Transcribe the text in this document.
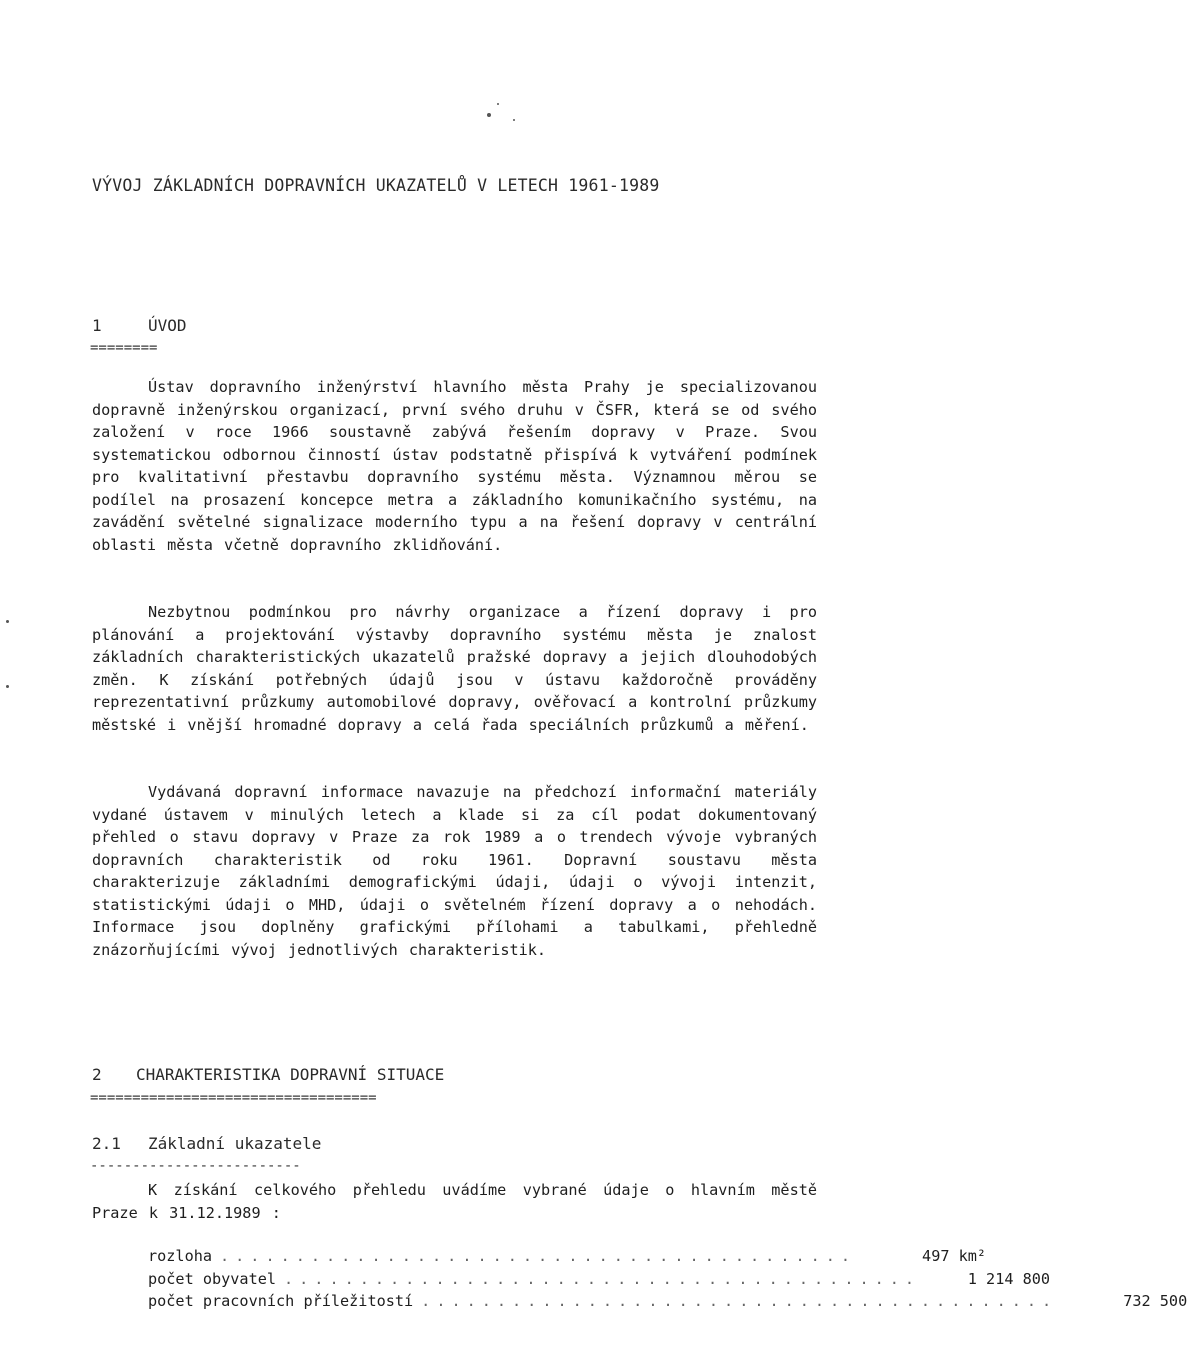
VÝVOJ ZÁKLADNÍCH DOPRAVNÍCH UKAZATELŮ V LETECH 1961-1989
1	ÚVOD
========
Ústav dopravního inženýrství hlavního města Prahy je specializovanou dopravně inženýrskou organizací, první svého druhu v ČSFR, která se od svého založení v roce 1966 soustavně zabývá řešením dopravy v Praze. Svou systematickou odbornou činností ústav podstatně přispívá k vytváření podmínek pro kvalitativní přestavbu dopravního systému města. Významnou měrou se podílel na prosazení koncepce metra a základního komunikačního systému, na zavádění světelné signalizace moderního typu a na řešení dopravy v centrální oblasti města včetně dopravního zklidňování.
Nezbytnou podmínkou pro návrhy organizace a řízení dopravy i pro plánování a projektování výstavby dopravního systému města je znalost základních charakteristických ukazatelů pražské dopravy a jejich dlouhodobých změn. K získání potřebných údajů jsou v ústavu každoročně prováděny reprezentativní průzkumy automobilové dopravy, ověřovací a kontrolní průzkumy městské i vnější hromadné dopravy a celá řada speciálních průzkumů a měření.
Vydávaná dopravní informace navazuje na předchozí informační materiály vydané ústavem v minulých letech a klade si za cíl podat dokumentovaný přehled o stavu dopravy v Praze za rok 1989 a o trendech vývoje vybraných dopravních charakteristik od roku 1961. Dopravní soustavu města charakterizuje základními demografickými údaji, údaji o vývoji intenzit, statistickými údaji o MHD, údaji o světelném řízení dopravy a o nehodách. Informace jsou doplněny grafickými přílohami a tabulkami, přehledně znázorňujícími vývoj jednotlivých charakteristik.
2 CHARAKTERISTIKA DOPRAVNÍ SITUACE
==================================
2.1 Základní ukazatele
-------------------------
K získání celkového přehledu uvádíme vybrané údaje o hlavním městě Praze k 31.12.1989 :
rozloha ..........................................	497 km²
počet obyvatel ..........................................	1 214 800
počet pracovních příležitostí ..........................................	732 500
